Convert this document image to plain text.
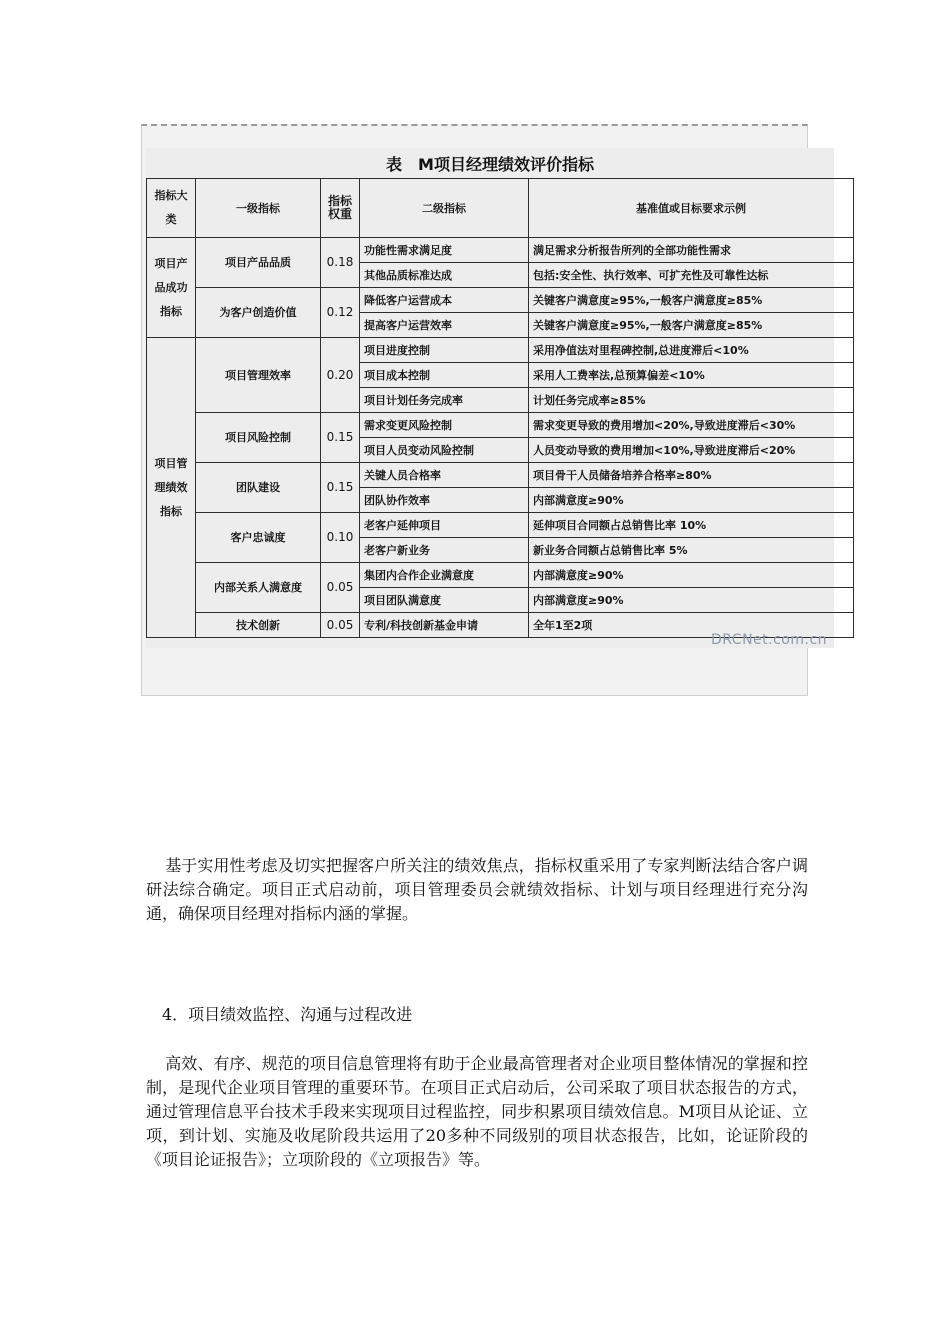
表　M项目经理绩效评价指标
指标大类	一级指标	指标权重	二级指标	基准值或目标要求示例
项目产品成功指标	项目产品品质	0.18	功能性需求满足度	满足需求分析报告所列的全部功能性需求
			其他品质标准达成	包括:安全性、执行效率、可扩充性及可靠性达标
	为客户创造价值	0.12	降低客户运营成本	关键客户满意度≥95%,一般客户满意度≥85%
			提高客户运营效率	关键客户满意度≥95%,一般客户满意度≥85%
项目管理绩效指标	项目管理效率	0.20	项目进度控制	采用净值法对里程碑控制,总进度滞后<10%
			项目成本控制	采用人工费率法,总预算偏差<10%
			项目计划任务完成率	计划任务完成率≥85%
	项目风险控制	0.15	需求变更风险控制	需求变更导致的费用增加<20%,导致进度滞后<30%
			项目人员变动风险控制	人员变动导致的费用增加<10%,导致进度滞后<20%
	团队建设	0.15	关键人员合格率	项目骨干人员储备培养合格率≥80%
			团队协作效率	内部满意度≥90%
	客户忠诚度	0.10	老客户延伸项目	延伸项目合同额占总销售比率 10%
			老客户新业务	新业务合同额占总销售比率 5%
	内部关系人满意度	0.05	集团内合作企业满意度	内部满意度≥90%
			项目团队满意度	内部满意度≥90%
	技术创新	0.05	专利/科技创新基金申请	全年1至2项
DRCNet.com.cn

基于实用性考虑及切实把握客户所关注的绩效焦点，指标权重采用了专家判断法结合客户调研法综合确定。项目正式启动前，项目管理委员会就绩效指标、计划与项目经理进行充分沟通，确保项目经理对指标内涵的掌握。

4．项目绩效监控、沟通与过程改进

高效、有序、规范的项目信息管理将有助于企业最高管理者对企业项目整体情况的掌握和控制，是现代企业项目管理的重要环节。在项目正式启动后，公司采取了项目状态报告的方式，通过管理信息平台技术手段来实现项目过程监控，同步积累项目绩效信息。M项目从论证、立项，到计划、实施及收尾阶段共运用了20多种不同级别的项目状态报告，比如，论证阶段的《项目论证报告》；立项阶段的《立项报告》等。
